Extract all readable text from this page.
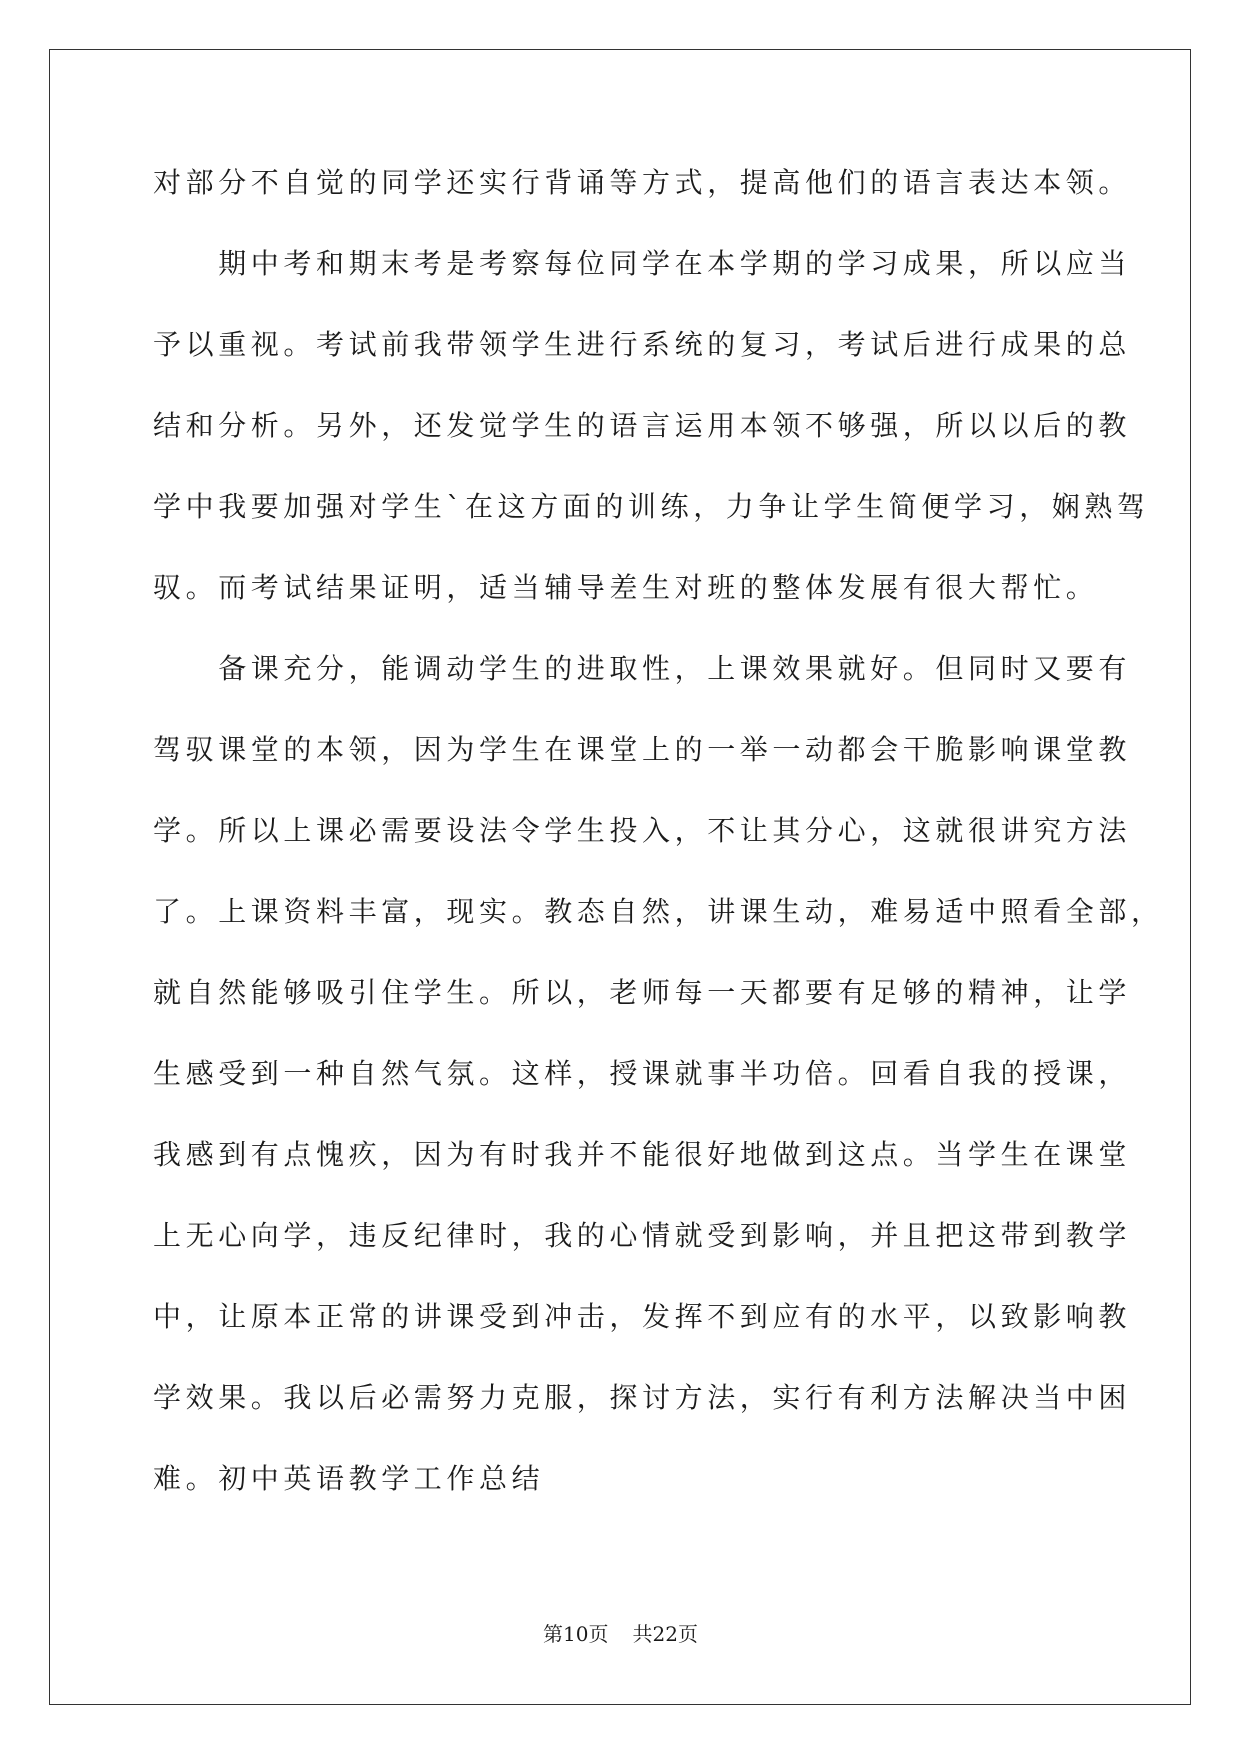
对部分不自觉的同学还实行背诵等方式，提高他们的语言表达本领。
　　期中考和期末考是考察每位同学在本学期的学习成果，所以应当
予以重视。考试前我带领学生进行系统的复习，考试后进行成果的总
结和分析。另外，还发觉学生的语言运用本领不够强，所以以后的教
学中我要加强对学生`在这方面的训练，力争让学生简便学习，娴熟驾
驭。而考试结果证明，适当辅导差生对班的整体发展有很大帮忙。
　　备课充分，能调动学生的进取性，上课效果就好。但同时又要有
驾驭课堂的本领，因为学生在课堂上的一举一动都会干脆影响课堂教
学。所以上课必需要设法令学生投入，不让其分心，这就很讲究方法
了。上课资料丰富，现实。教态自然，讲课生动，难易适中照看全部，
就自然能够吸引住学生。所以，老师每一天都要有足够的精神，让学
生感受到一种自然气氛。这样，授课就事半功倍。回看自我的授课，
我感到有点愧疚，因为有时我并不能很好地做到这点。当学生在课堂
上无心向学，违反纪律时，我的心情就受到影响，并且把这带到教学
中，让原本正常的讲课受到冲击，发挥不到应有的水平，以致影响教
学效果。我以后必需努力克服，探讨方法，实行有利方法解决当中困
难。初中英语教学工作总结
第10页 共22页
